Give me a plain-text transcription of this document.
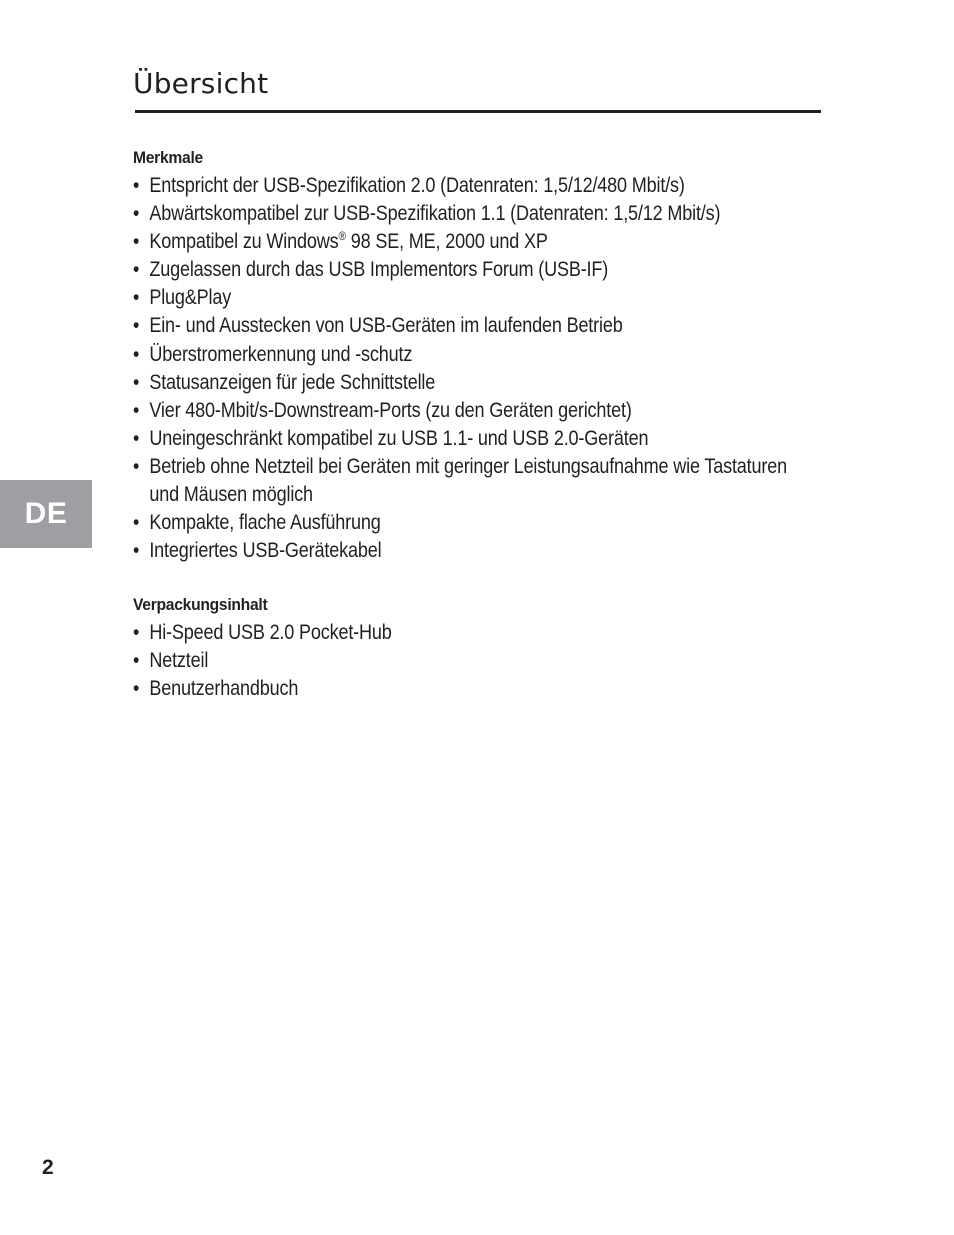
Übersicht
Merkmale
• Entspricht der USB-Spezifikation 2.0 (Datenraten: 1,5/12/480 Mbit/s)
• Abwärtskompatibel zur USB-Spezifikation 1.1 (Datenraten: 1,5/12 Mbit/s)
• Kompatibel zu Windows® 98 SE, ME, 2000 und XP
• Zugelassen durch das USB Implementors Forum (USB-IF)
• Plug&Play
• Ein- und Ausstecken von USB-Geräten im laufenden Betrieb
• Überstromerkennung und -schutz
• Statusanzeigen für jede Schnittstelle
• Vier 480-Mbit/s-Downstream-Ports (zu den Geräten gerichtet)
• Uneingeschränkt kompatibel zu USB 1.1- und USB 2.0-Geräten
• Betrieb ohne Netzteil bei Geräten mit geringer Leistungsaufnahme wie Tastaturen und Mäusen möglich
• Kompakte, flache Ausführung
• Integriertes USB-Gerätekabel
Verpackungsinhalt
• Hi-Speed USB 2.0 Pocket-Hub
• Netzteil
• Benutzerhandbuch
DE
2
